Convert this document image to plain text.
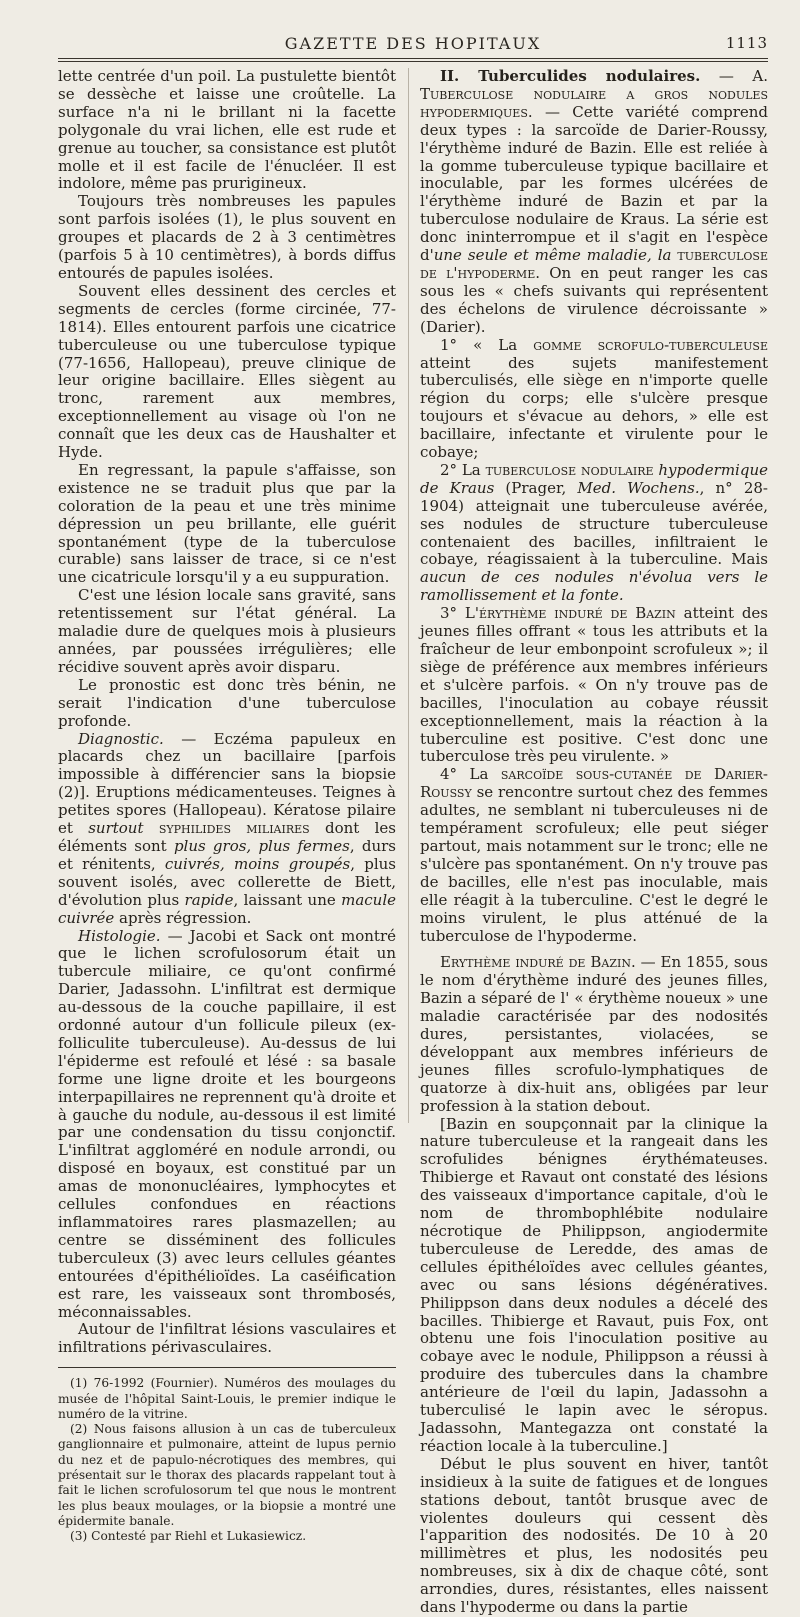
GAZETTE DES HOPITAUX	1113

lette centrée d'un poil. La pustulette bientôt se dessèche et laisse une croûtelle. La surface n'a ni le brillant ni la facette polygonale du vrai lichen, elle est rude et grenue au toucher, sa consistance est plutôt molle et il est facile de l'énucléer. Il est indolore, même pas prurigineux.

Toujours très nombreuses les papules sont parfois isolées (1), le plus souvent en groupes et placards de 2 à 3 centimètres (parfois 5 à 10 centimètres), à bords diffus entourés de papules isolées.

Souvent elles dessinent des cercles et segments de cercles (forme circinée, 77-1814). Elles entourent parfois une cicatrice tuberculeuse ou une tuberculose typique (77-1656, Hallopeau), preuve clinique de leur origine bacillaire. Elles siègent au tronc, rarement aux membres, exceptionnellement au visage où l'on ne connaît que les deux cas de Haushalter et Hyde.

En regressant, la papule s'affaisse, son existence ne se traduit plus que par la coloration de la peau et une très minime dépression un peu brillante, elle guérit spontanément (type de la tuberculose curable) sans laisser de trace, si ce n'est une cicatricule lorsqu'il y a eu suppuration.

C'est une lésion locale sans gravité, sans retentissement sur l'état général. La maladie dure de quelques mois à plusieurs années, par poussées irrégulières; elle récidive souvent après avoir disparu.

Le pronostic est donc très bénin, ne serait l'indication d'une tuberculose profonde.

Diagnostic. — Eczéma papuleux en placards chez un bacillaire [parfois impossible à différencier sans la biopsie (2)]. Eruptions médicamenteuses. Teignes à petites spores (Hallopeau). Kératose pilaire et surtout syphilides miliaires dont les éléments sont plus gros, plus fermes, durs et rénitents, cuivrés, moins groupés, plus souvent isolés, avec collerette de Biett, d'évolution plus rapide, laissant une macule cuivrée après régression.

Histologie. — Jacobi et Sack ont montré que le lichen scrofulosorum était un tubercule miliaire, ce qu'ont confirmé Darier, Jadassohn. L'infiltrat est dermique au-dessous de la couche papillaire, il est ordonné autour d'un follicule pileux (ex-folliculite tuberculeuse). Au-dessus de lui l'épiderme est refoulé et lésé : sa basale forme une ligne droite et les bourgeons interpapillaires ne reprennent qu'à droite et à gauche du nodule, au-dessous il est limité par une condensation du tissu conjonctif. L'infiltrat aggloméré en nodule arrondi, ou disposé en boyaux, est constitué par un amas de mononucléaires, lymphocytes et cellules confondues en réactions inflammatoires rares plasmazellen; au centre se disséminent des follicules tuberculeux (3) avec leurs cellules géantes entourées d'épithélioïdes. La caséification est rare, les vaisseaux sont thrombosés, méconnaissables.

Autour de l'infiltrat lésions vasculaires et infiltrations périvasculaires.

(1) 76-1992 (Fournier). Numéros des moulages du musée de l'hôpital Saint-Louis, le premier indique le numéro de la vitrine.

(2) Nous faisons allusion à un cas de tuberculeux ganglionnaire et pulmonaire, atteint de lupus pernio du nez et de papulo-nécrotiques des membres, qui présentait sur le thorax des placards rappelant tout à fait le lichen scrofulosorum tel que nous le montrent les plus beaux moulages, or la biopsie a montré une épidermite banale.

(3) Contesté par Riehl et Lukasiewicz.

II. Tuberculides nodulaires. — A. Tuberculose nodulaire a gros nodules hypodermiques. — Cette variété comprend deux types : la sarcoïde de Darier-Roussy, l'érythème induré de Bazin. Elle est reliée à la gomme tuberculeuse typique bacillaire et inoculable, par les formes ulcérées de l'érythème induré de Bazin et par la tuberculose nodulaire de Kraus. La série est donc ininterrompue et il s'agit en l'espèce d'une seule et même maladie, la tuberculose de l'hypoderme. On en peut ranger les cas sous les « chefs suivants qui représentent des échelons de virulence décroissante » (Darier).

1° « La gomme scrofulo-tuberculeuse atteint des sujets manifestement tuberculisés, elle siège en n'importe quelle région du corps; elle s'ulcère presque toujours et s'évacue au dehors, » elle est bacillaire, infectante et virulente pour le cobaye;

2° La tuberculose nodulaire hypodermique de Kraus (Prager, Med. Wochens., n° 28-1904) atteignait une tuberculeuse avérée, ses nodules de structure tuberculeuse contenaient des bacilles, infiltraient le cobaye, réagissaient à la tuberculine. Mais aucun de ces nodules n'évolua vers le ramollissement et la fonte.

3° L'érythème induré de Bazin atteint des jeunes filles offrant « tous les attributs et la fraîcheur de leur embonpoint scrofuleux »; il siège de préférence aux membres inférieurs et s'ulcère parfois. « On n'y trouve pas de bacilles, l'inoculation au cobaye réussit exceptionnellement, mais la réaction à la tuberculine est positive. C'est donc une tuberculose très peu virulente. »

4° La sarcoïde sous-cutanée de Darier-Roussy se rencontre surtout chez des femmes adultes, ne semblant ni tuberculeuses ni de tempérament scrofuleux; elle peut siéger partout, mais notamment sur le tronc; elle ne s'ulcère pas spontanément. On n'y trouve pas de bacilles, elle n'est pas inoculable, mais elle réagit à la tuberculine. C'est le degré le moins virulent, le plus atténué de la tuberculose de l'hypoderme.

Erythème induré de Bazin. — En 1855, sous le nom d'érythème induré des jeunes filles, Bazin a séparé de l' « érythème noueux » une maladie caractérisée par des nodosités dures, persistantes, violacées, se développant aux membres inférieurs de jeunes filles scrofulo-lymphatiques de quatorze à dix-huit ans, obligées par leur profession à la station debout.

[Bazin en soupçonnait par la clinique la nature tuberculeuse et la rangeait dans les scrofulides bénignes érythémateuses. Thibierge et Ravaut ont constaté des lésions des vaisseaux d'importance capitale, d'où le nom de thrombophlébite nodulaire nécrotique de Philippson, angiodermite tuberculeuse de Leredde, des amas de cellules épithéloïdes avec cellules géantes, avec ou sans lésions dégénératives. Philippson dans deux nodules a décelé des bacilles. Thibierge et Ravaut, puis Fox, ont obtenu une fois l'inoculation positive au cobaye avec le nodule, Philippson a réussi à produire des tubercules dans la chambre antérieure de l'œil du lapin, Jadassohn a tuberculisé le lapin avec le séropus. Jadassohn, Mantegazza ont constaté la réaction locale à la tuberculine.]

Début le plus souvent en hiver, tantôt insidieux à la suite de fatigues et de longues stations debout, tantôt brusque avec de violentes douleurs qui cessent dès l'apparition des nodosités. De 10 à 20 millimètres et plus, les nodosités peu nombreuses, six à dix de chaque côté, sont arrondies, dures, résistantes, elles naissent dans l'hypoderme ou dans la partie
